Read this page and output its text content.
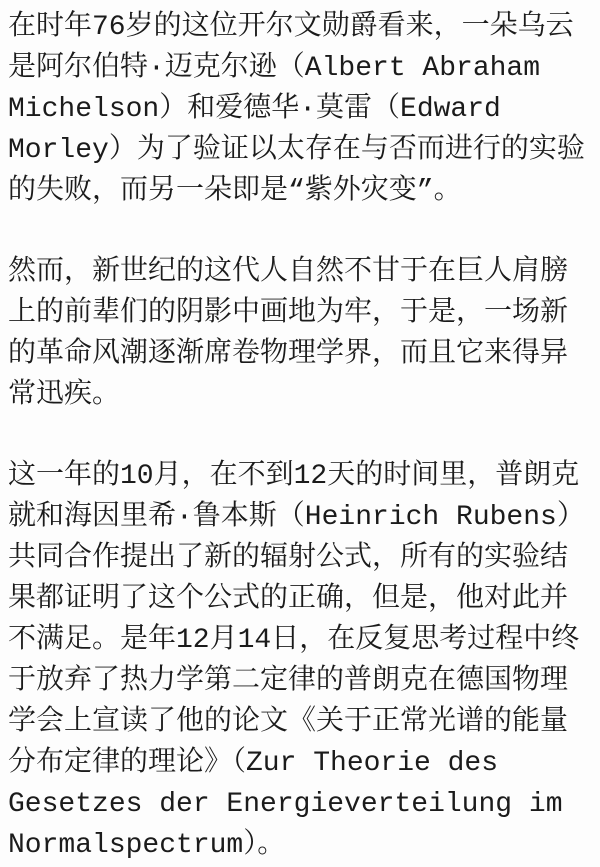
在时年76岁的这位开尔文勋爵看来，一朵乌云是阿尔伯特·迈克尔逊（Albert Abraham Michelson）和爱德华·莫雷（Edward Morley）为了验证以太存在与否而进行的实验的失败，而另一朵即是“紫外灾变”。

然而，新世纪的这代人自然不甘于在巨人肩膀上的前辈们的阴影中画地为牢，于是，一场新的革命风潮逐渐席卷物理学界，而且它来得异常迅疾。

这一年的10月，在不到12天的时间里，普朗克就和海因里希·鲁本斯（Heinrich Rubens）共同合作提出了新的辐射公式，所有的实验结果都证明了这个公式的正确，但是，他对此并不满足。是年12月14日，在反复思考过程中终于放弃了热力学第二定律的普朗克在德国物理学会上宣读了他的论文《关于正常光谱的能量分布定律的理论》（Zur Theorie des Gesetzes der Energieverteilung im Normalspectrum）。
